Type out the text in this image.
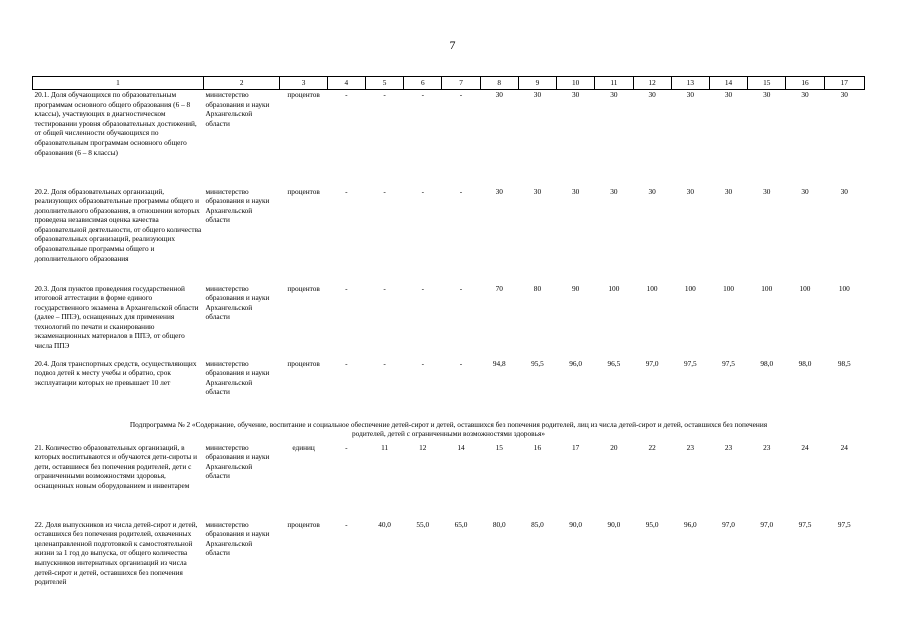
7
1	2	3	4	5	6	7	8	9	10	11	12	13	14	15	16	17
20.1. Доля обучающихся по образовательным программам основного общего образования (6 – 8 классы), участвующих в диагностическом тестировании уровня образовательных достижений, от общей численности обучающихся по образовательным программам основного общего образования (6 – 8 классы)	министерство образования и науки Архангельской области	процентов	-	-	-	-	30	30	30	30	30	30	30	30	30	30
20.2. Доля образовательных организаций, реализующих образовательные программы общего и дополнительного образования, в отношении которых проведена независимая оценка качества образовательной деятельности, от общего количества образовательных организаций, реализующих образовательные программы общего и дополнительного образования	министерство образования и науки Архангельской области	процентов	-	-	-	-	30	30	30	30	30	30	30	30	30	30
20.3. Доля пунктов проведения государственной итоговой аттестации в форме единого государственного экзамена в Архангельской области (далее – ППЭ), оснащенных для применения технологий по печати и сканированию экзаменационных материалов в ППЭ, от общего числа ППЭ	министерство образования и науки Архангельской области	процентов	-	-	-	-	70	80	90	100	100	100	100	100	100	100
20.4. Доля транспортных средств, осуществляющих подвоз детей к месту учебы и обратно, срок эксплуатации которых не превышает 10 лет	министерство образования и науки Архангельской области	процентов	-	-	-	-	94,8	95,5	96,0	96,5	97,0	97,5	97,5	98,0	98,0	98,5
Подпрограмма № 2 «Содержание, обучение, воспитание и социальное обеспечение детей-сирот и детей, оставшихся без попечения родителей, лиц из числа детей-сирот и детей, оставшихся без попечения родителей, детей с ограниченными возможностями здоровья»																
21. Количество образовательных организаций, в которых воспитываются и обучаются дети-сироты и дети, оставшиеся без попечения родителей, дети с ограниченными возможностями здоровья, оснащенных новым оборудованием и инвентарем	министерство образования и науки Архангельской области	единиц	-	11	12	14	15	16	17	20	22	23	23	23	24	24
22. Доля выпускников из числа детей-сирот и детей, оставшихся без попечения родителей, охваченных целенаправленной подготовкой к самостоятельной жизни за 1 год до выпуска, от общего количества выпускников интернатных организаций из числа детей-сирот и детей, оставшихся без попечения родителей	министерство образования и науки Архангельской области	процентов	-	40,0	55,0	65,0	80,0	85,0	90,0	90,0	95,0	96,0	97,0	97,0	97,5	97,5
